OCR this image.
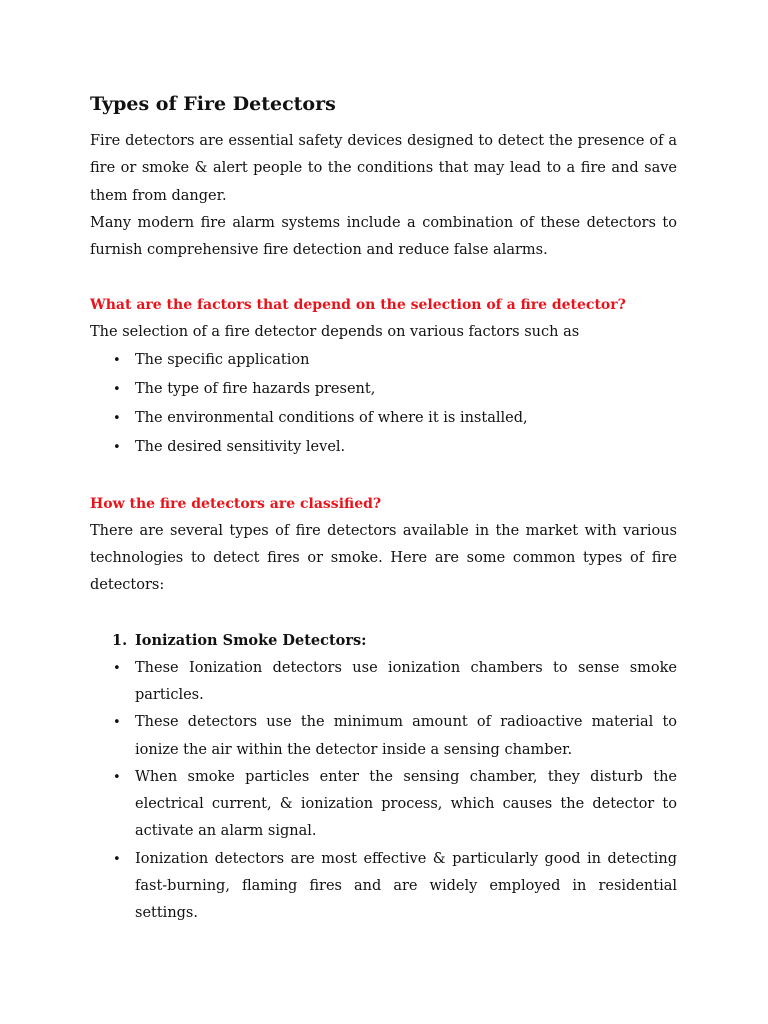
Types of Fire Detectors
Fire detectors are essential safety devices designed to detect the presence of a
fire or smoke & alert people to the conditions that may lead to a fire and save
them from danger.
Many modern fire alarm systems include a combination of these detectors to
furnish comprehensive fire detection and reduce false alarms.
What are the factors that depend on the selection of a fire detector?

The selection of a fire detector depends on various factors such as

• The specific application
• The type of fire hazards present,
• The environmental conditions of where it is installed,
• The desired sensitivity level.
How the fire detectors are classified?
There are several types of fire detectors available in the market with various
technologies to detect fires or smoke. Here are some common types of fire
detectors:
1. Ionization Smoke Detectors:
• These Ionization detectors use ionization chambers to sense smoke
particles.
• These detectors use the minimum amount of radioactive material to
ionize the air within the detector inside a sensing chamber.
• When smoke particles enter the sensing chamber, they disturb the
electrical current, & ionization process, which causes the detector to
activate an alarm signal.
• Ionization detectors are most effective & particularly good in detecting
fast-burning, flaming fires and are widely employed in residential
settings.
